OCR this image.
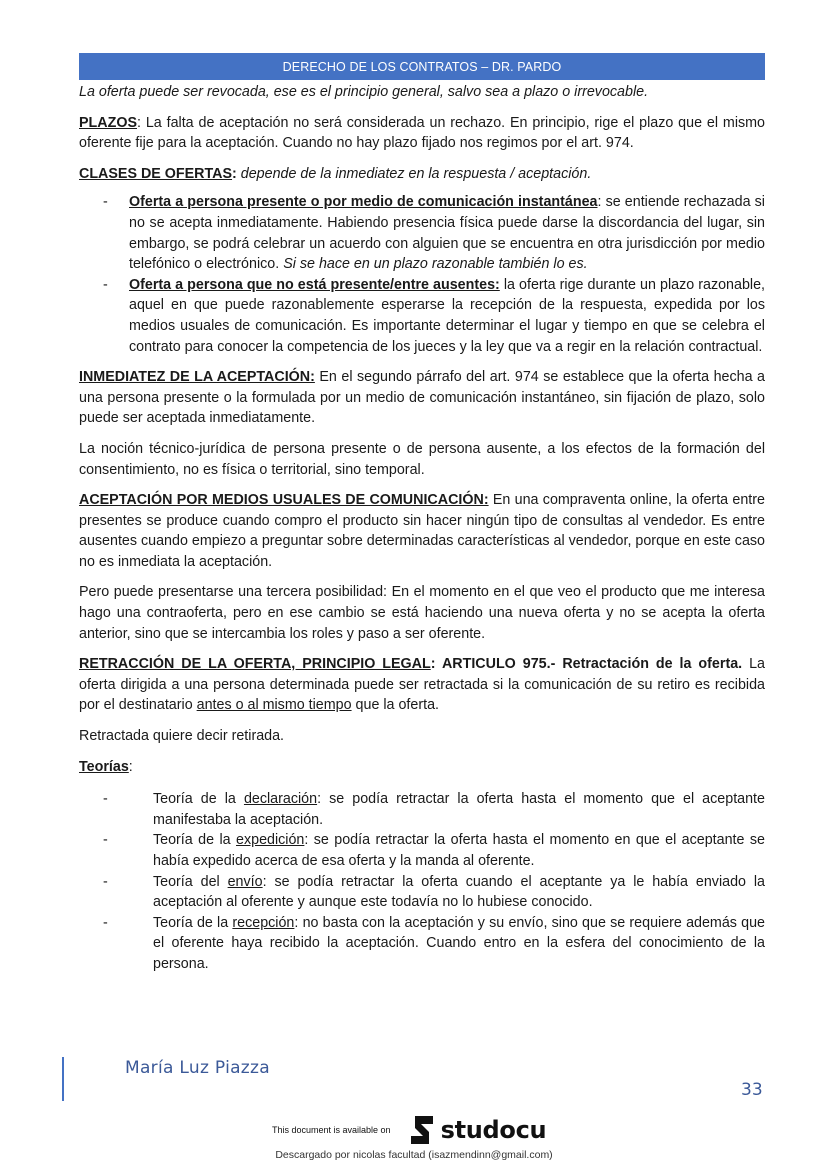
DERECHO DE LOS CONTRATOS – DR. PARDO

La oferta puede ser revocada, ese es el principio general, salvo sea a plazo o irrevocable.

PLAZOS: La falta de aceptación no será considerada un rechazo. En principio, rige el plazo que el mismo oferente fije para la aceptación. Cuando no hay plazo fijado nos regimos por el art. 974.

CLASES DE OFERTAS: depende de la inmediatez en la respuesta / aceptación.

- Oferta a persona presente o por medio de comunicación instantánea: se entiende rechazada si no se acepta inmediatamente. Habiendo presencia física puede darse la discordancia del lugar, sin embargo, se podrá celebrar un acuerdo con alguien que se encuentra en otra jurisdicción por medio telefónico o electrónico. Si se hace en un plazo razonable también lo es.
- Oferta a persona que no está presente/entre ausentes: la oferta rige durante un plazo razonable, aquel en que puede razonablemente esperarse la recepción de la respuesta, expedida por los medios usuales de comunicación. Es importante determinar el lugar y tiempo en que se celebra el contrato para conocer la competencia de los jueces y la ley que va a regir en la relación contractual.

INMEDIATEZ DE LA ACEPTACIÓN: En el segundo párrafo del art. 974 se establece que la oferta hecha a una persona presente o la formulada por un medio de comunicación instantáneo, sin fijación de plazo, solo puede ser aceptada inmediatamente.

La noción técnico-jurídica de persona presente o de persona ausente, a los efectos de la formación del consentimiento, no es física o territorial, sino temporal.

ACEPTACIÓN POR MEDIOS USUALES DE COMUNICACIÓN: En una compraventa online, la oferta entre presentes se produce cuando compro el producto sin hacer ningún tipo de consultas al vendedor. Es entre ausentes cuando empiezo a preguntar sobre determinadas características al vendedor, porque en este caso no es inmediata la aceptación.

Pero puede presentarse una tercera posibilidad: En el momento en el que veo el producto que me interesa hago una contraoferta, pero en ese cambio se está haciendo una nueva oferta y no se acepta la oferta anterior, sino que se intercambia los roles y paso a ser oferente.

RETRACCIÓN DE LA OFERTA, PRINCIPIO LEGAL: ARTICULO 975.- Retractación de la oferta. La oferta dirigida a una persona determinada puede ser retractada si la comunicación de su retiro es recibida por el destinatario antes o al mismo tiempo que la oferta.

Retractada quiere decir retirada.

Teorías:

-	Teoría de la declaración: se podía retractar la oferta hasta el momento que el aceptante manifestaba la aceptación.
-	Teoría de la expedición: se podía retractar la oferta hasta el momento en que el aceptante se había expedido acerca de esa oferta y la manda al oferente.
-	Teoría del envío: se podía retractar la oferta cuando el aceptante ya le había enviado la aceptación al oferente y aunque este todavía no lo hubiese conocido.
-	Teoría de la recepción: no basta con la aceptación y su envío, sino que se requiere además que el oferente haya recibido la aceptación. Cuando entro en la esfera del conocimiento de la persona.
María Luz Piazza
33
This document is available on studocu
Descargado por nicolas facultad (isazmendinn@gmail.com)
